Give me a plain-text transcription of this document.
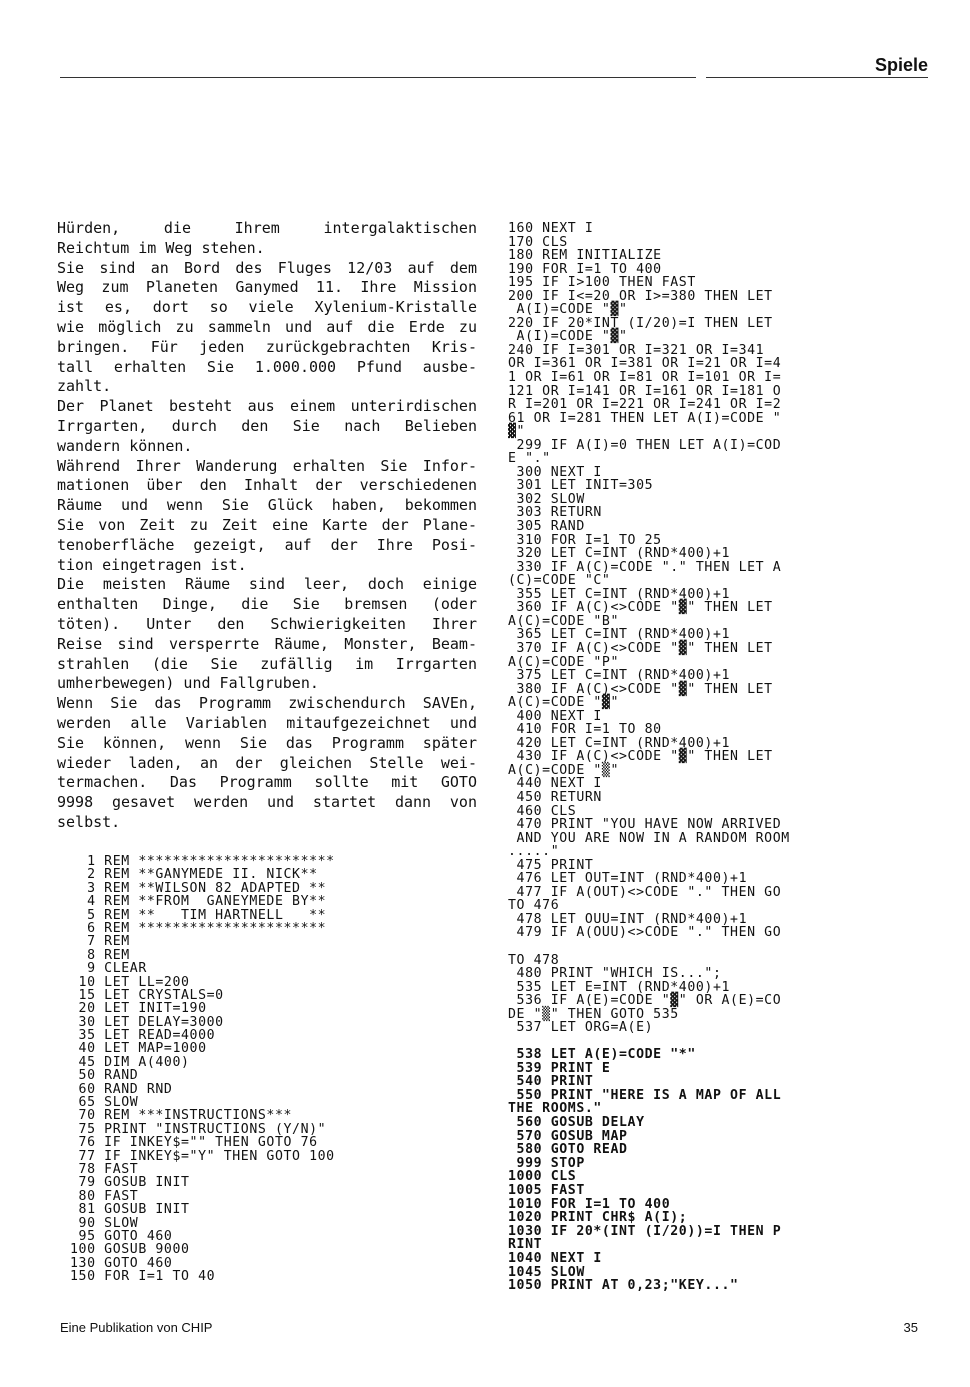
Spiele
Hürden, die Ihrem intergalaktischen
Reichtum im Weg stehen.
Sie sind an Bord des Fluges 12/03 auf dem
Weg zum Planeten Ganymed 11. Ihre Mission
ist es, dort so viele Xylenium-Kristalle
wie möglich zu sammeln und auf die Erde zu
bringen. Für jeden zurückgebrachten Kris-
tall erhalten Sie 1.000.000 Pfund ausbe-
zahlt.
Der Planet besteht aus einem unterirdischen
Irrgarten, durch den Sie nach Belieben
wandern können.
Während Ihrer Wanderung erhalten Sie Infor-
mationen über den Inhalt der verschiedenen
Räume und wenn Sie Glück haben, bekommen
Sie von Zeit zu Zeit eine Karte der Plane-
tenoberfläche gezeigt, auf der Ihre Posi-
tion eingetragen ist.
Die meisten Räume sind leer, doch einige
enthalten Dinge, die Sie bremsen (oder
töten). Unter den Schwierigkeiten Ihrer
Reise sind versperrte Räume, Monster, Beam-
strahlen (die Sie zufällig im Irrgarten
umherbewegen) und Fallgruben.
Wenn Sie das Programm zwischendurch SAVEn,
werden alle Variablen mitaufgezeichnet und
Sie können, wenn Sie das Programm später
wieder laden, an der gleichen Stelle wei-
termachen. Das Programm sollte mit GOTO
9998 gesavet werden und startet dann von
selbst.
1 REM ***********************
2 REM **GANYMEDE II. NICK**
3 REM **WILSON 82 ADAPTED **
4 REM **FROM  GANEYMEDE BY**
5 REM **   TIM HARTNELL   **
6 REM **********************
7 REM
8 REM
9 CLEAR
10 LET LL=200
15 LET CRYSTALS=0
20 LET INIT=190
30 LET DELAY=3000
35 LET READ=4000
40 LET MAP=1000
45 DIM A(400)
50 RAND
60 RAND RND
65 SLOW
70 REM ***INSTRUCTIONS***
75 PRINT "INSTRUCTIONS (Y/N)"
76 IF INKEY$="" THEN GOTO 76
77 IF INKEY$="Y" THEN GOTO 100
78 FAST
79 GOSUB INIT
80 FAST
81 GOSUB INIT
90 SLOW
95 GOTO 460
100 GOSUB 9000
130 GOTO 460
150 FOR I=1 TO 40
160 NEXT I
170 CLS
180 REM INITIALIZE
190 FOR I=1 TO 400
195 IF I>100 THEN FAST
200 IF I<=20 OR I>=380 THEN LET
A(I)=CODE "▓"
220 IF 20*INT (I/20)=I THEN LET
A(I)=CODE "▓"
240 IF I=301 OR I=321 OR I=341
OR I=361 OR I=381 OR I=21 OR I=4
1 OR I=61 OR I=81 OR I=101 OR I=
121 OR I=141 OR I=161 OR I=181 O
R I=201 OR I=221 OR I=241 OR I=2
61 OR I=281 THEN LET A(I)=CODE "
▓"
299 IF A(I)=0 THEN LET A(I)=COD
E "."
300 NEXT I
301 LET INIT=305
302 SLOW
303 RETURN
305 RAND
310 FOR I=1 TO 25
320 LET C=INT (RND*400)+1
330 IF A(C)=CODE "." THEN LET A
(C)=CODE "C"
355 LET C=INT (RND*400)+1
360 IF A(C)<>CODE "▓" THEN LET
A(C)=CODE "B"
365 LET C=INT (RND*400)+1
370 IF A(C)<>CODE "▓" THEN LET
A(C)=CODE "P"
375 LET C=INT (RND*400)+1
380 IF A(C)<>CODE "▓" THEN LET
A(C)=CODE "▓"
400 NEXT I
410 FOR I=1 TO 80
420 LET C=INT (RND*400)+1
430 IF A(C)<>CODE "▓" THEN LET
A(C)=CODE "▒"
440 NEXT I
450 RETURN
460 CLS
470 PRINT "YOU HAVE NOW ARRIVED
AND YOU ARE NOW IN A RANDOM ROOM
....."
475 PRINT
476 LET OUT=INT (RND*400)+1
477 IF A(OUT)<>CODE "." THEN GO
TO 476
478 LET OUU=INT (RND*400)+1
479 IF A(OUU)<>CODE "." THEN GO
TO 478
480 PRINT "WHICH IS...";
535 LET E=INT (RND*400)+1
536 IF A(E)=CODE "▓" OR A(E)=CO
DE "▒" THEN GOTO 535
537 LET ORG=A(E)
538 LET A(E)=CODE "*"
539 PRINT E
540 PRINT
550 PRINT "HERE IS A MAP OF ALL
THE ROOMS."
560 GOSUB DELAY
570 GOSUB MAP
580 GOTO READ
999 STOP
1000 CLS
1005 FAST
1010 FOR I=1 TO 400
1020 PRINT CHR$ A(I);
1030 IF 20*(INT (I/20))=I THEN P
RINT
1040 NEXT I
1045 SLOW
1050 PRINT AT 0,23;"KEY..."
Eine Publikation von CHIP	35
